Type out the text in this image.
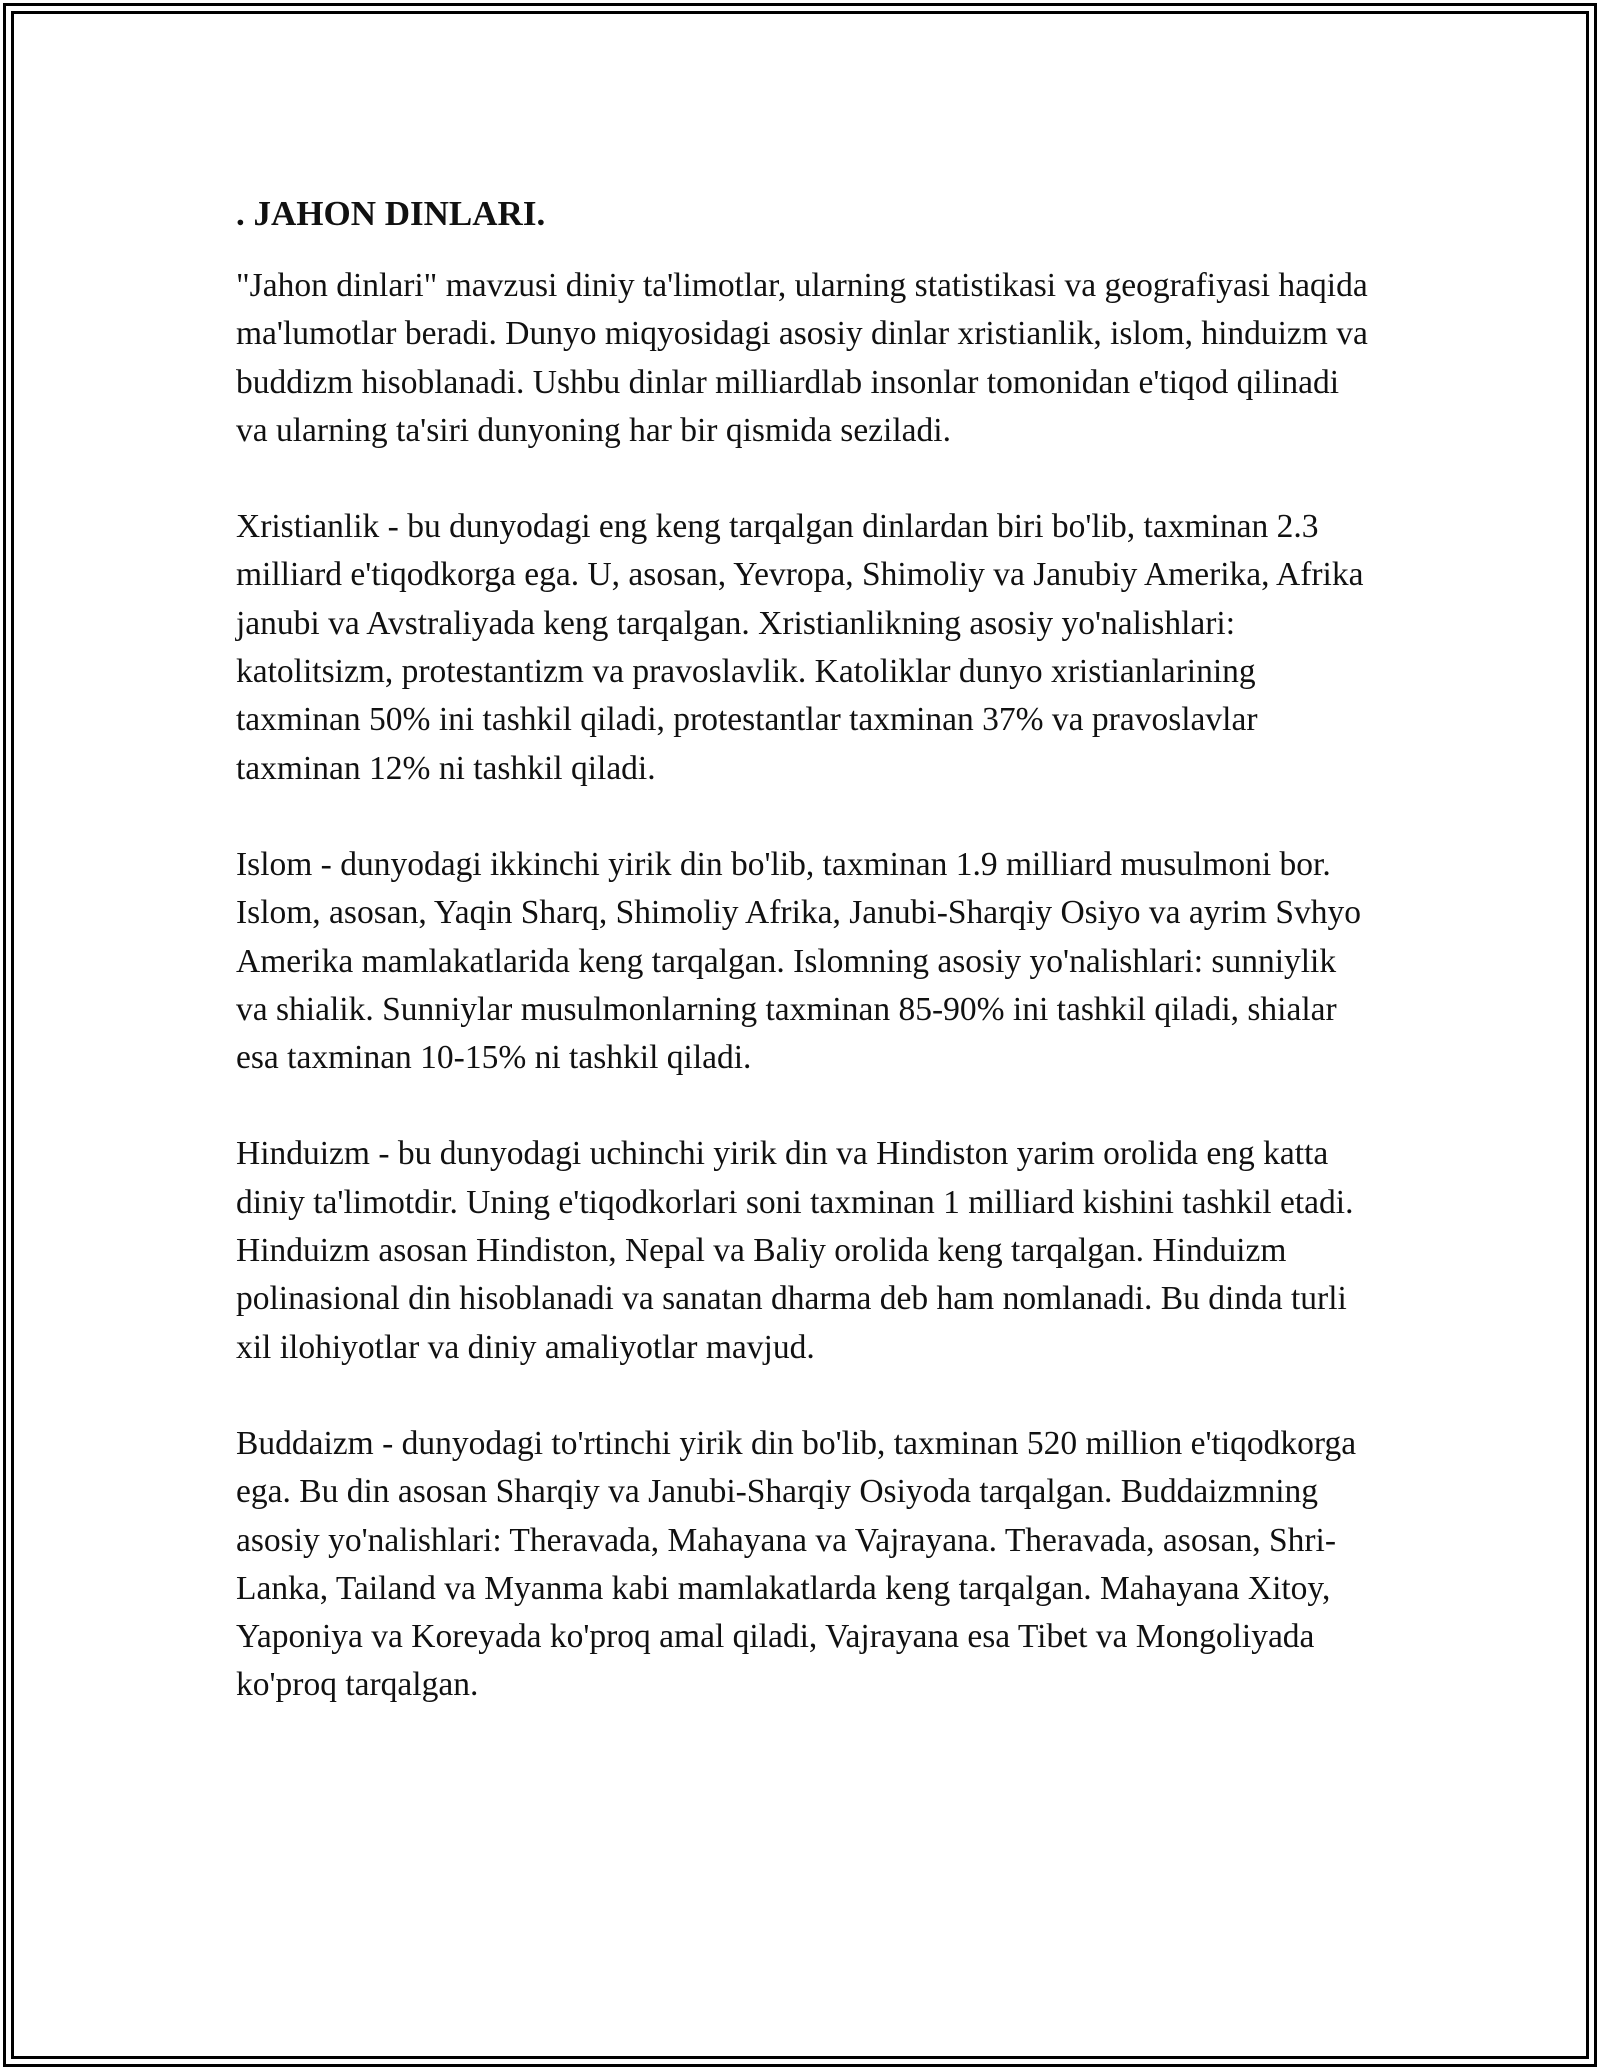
. JAHON DINLARI.

"Jahon dinlari" mavzusi diniy ta'limotlar, ularning statistikasi va geografiyasi haqida ma'lumotlar beradi. Dunyo miqyosidagi asosiy dinlar xristianlik, islom, hinduizm va buddizm hisoblanadi. Ushbu dinlar milliardlab insonlar tomonidan e'tiqod qilinadi va ularning ta'siri dunyoning har bir qismida seziladi.

Xristianlik - bu dunyodagi eng keng tarqalgan dinlardan biri bo'lib, taxminan 2.3 milliard e'tiqodkorga ega. U, asosan, Yevropa, Shimoliy va Janubiy Amerika, Afrika janubi va Avstraliyada keng tarqalgan. Xristianlikning asosiy yo'nalishlari: katolitsizm, protestantizm va pravoslavlik. Katoliklar dunyo xristianlarining taxminan 50% ini tashkil qiladi, protestantlar taxminan 37% va pravoslavlar taxminan 12% ni tashkil qiladi.

Islom - dunyodagi ikkinchi yirik din bo'lib, taxminan 1.9 milliard musulmoni bor. Islom, asosan, Yaqin Sharq, Shimoliy Afrika, Janubi-Sharqiy Osiyo va ayrim Svhyo Amerika mamlakatlarida keng tarqalgan. Islomning asosiy yo'nalishlari: sunniylik va shialik. Sunniylar musulmonlarning taxminan 85-90% ini tashkil qiladi, shialar esa taxminan 10-15% ni tashkil qiladi.

Hinduizm - bu dunyodagi uchinchi yirik din va Hindiston yarim orolida eng katta diniy ta'limotdir. Uning e'tiqodkorlari soni taxminan 1 milliard kishini tashkil etadi. Hinduizm asosan Hindiston, Nepal va Baliy orolida keng tarqalgan. Hinduizm polinasional din hisoblanadi va sanatan dharma deb ham nomlanadi. Bu dinda turli xil ilohiyotlar va diniy amaliyotlar mavjud.

Buddaizm - dunyodagi to'rtinchi yirik din bo'lib, taxminan 520 million e'tiqodkorga ega. Bu din asosan Sharqiy va Janubi-Sharqiy Osiyoda tarqalgan. Buddaizmning asosiy yo'nalishlari: Theravada, Mahayana va Vajrayana. Theravada, asosan, Shri-Lanka, Tailand va Myanma kabi mamlakatlarda keng tarqalgan. Mahayana Xitoy, Yaponiya va Koreyada ko'proq amal qiladi, Vajrayana esa Tibet va Mongoliyada ko'proq tarqalgan.
